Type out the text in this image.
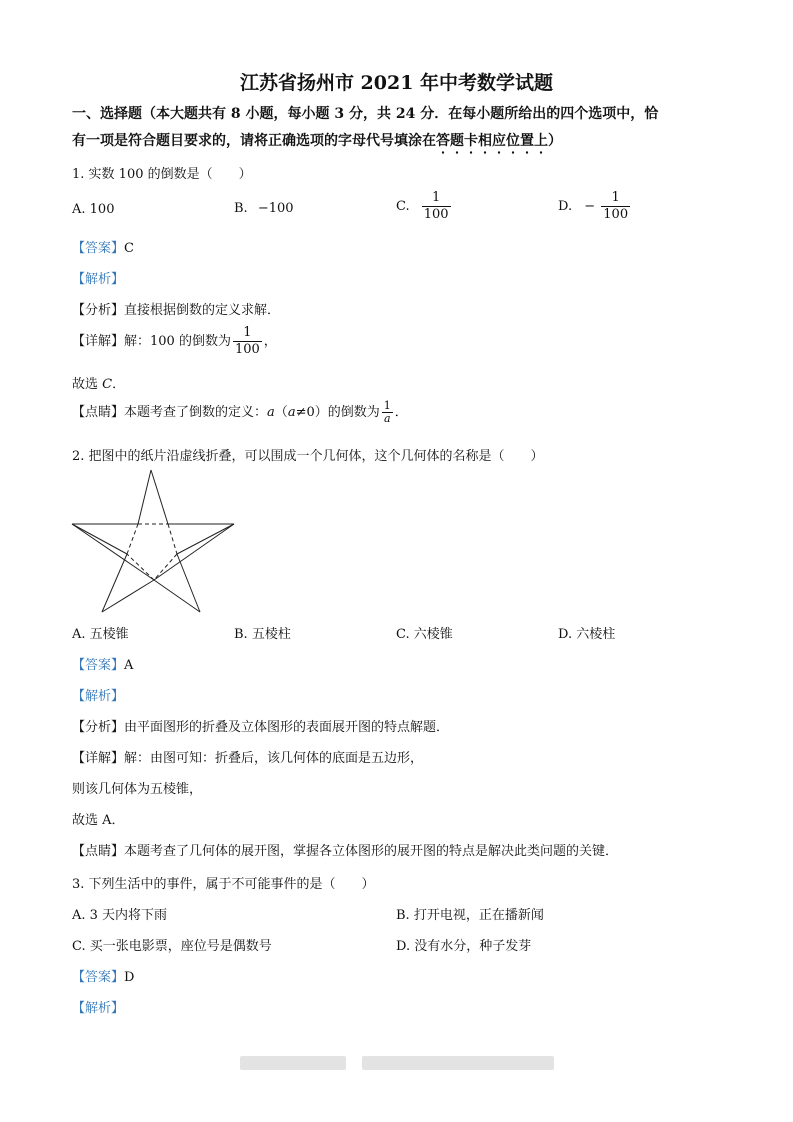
江苏省扬州市 2021 年中考数学试题
一、选择题（本大题共有 8 小题，每小题 3 分，共 24 分．在每小题所给出的四个选项中，恰
有一项是符合题目要求的，请将正确选项的字母代号填涂在答题卡相应位置上）
1. 实数 100 的倒数是（　　）
A. 100	B. −100	C. $\frac{1}{100}$	D. − $\frac{1}{100}$
【答案】C
【解析】
【分析】直接根据倒数的定义求解．
【详解】解：100 的倒数为 $\frac{1}{100}$ ，
故选 C．
【点睛】本题考查了倒数的定义：a（a≠0）的倒数为 $\frac{1}{a}$ ．
2. 把图中的纸片沿虚线折叠，可以围成一个几何体，这个几何体的名称是（　　）
A. 五棱锥	B. 五棱柱	C. 六棱锥	D. 六棱柱
【答案】A
【解析】
【分析】由平面图形的折叠及立体图形的表面展开图的特点解题．
【详解】解：由图可知：折叠后，该几何体的底面是五边形，
则该几何体为五棱锥，
故选 A．
【点睛】本题考查了几何体的展开图，掌握各立体图形的展开图的特点是解决此类问题的关键．
3. 下列生活中的事件，属于不可能事件的是（　　）
A. 3 天内将下雨	B. 打开电视，正在播新闻
C. 买一张电影票，座位号是偶数号	D. 没有水分，种子发芽
【答案】D
【解析】
